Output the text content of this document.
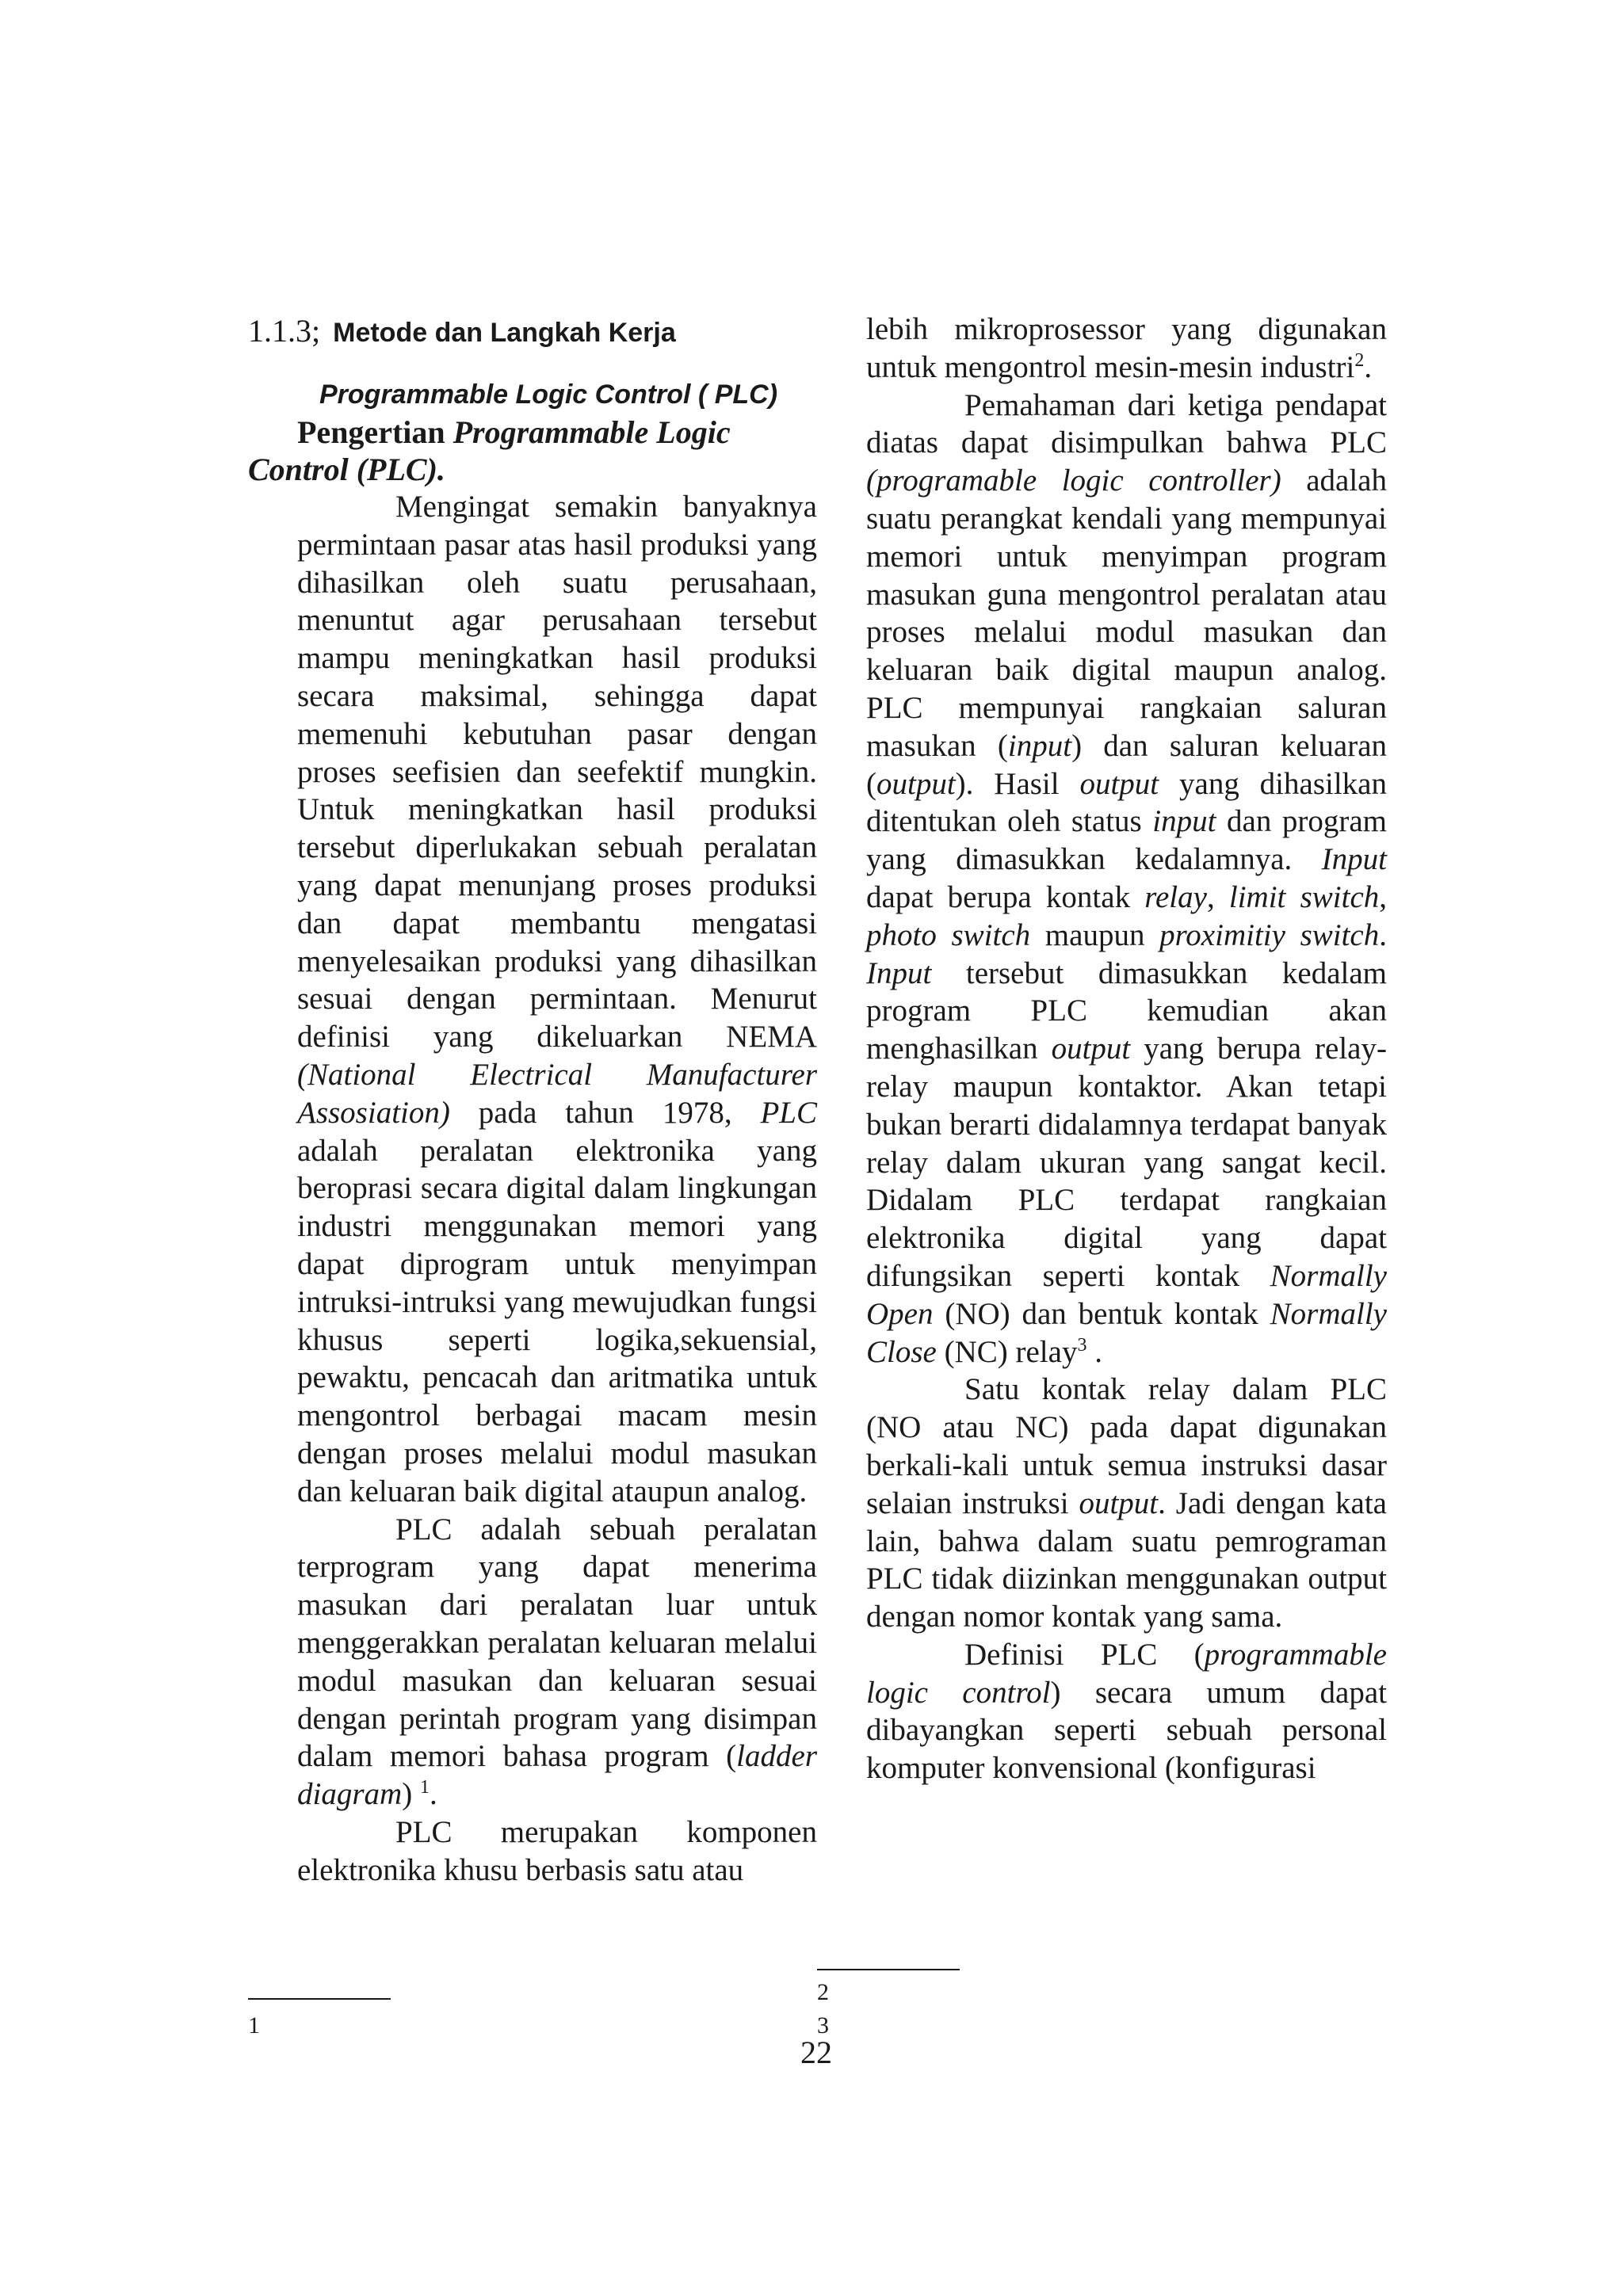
1.1.3; Metode dan Langkah Kerja
Programmable Logic Control ( PLC)
Pengertian Programmable Logic
Control (PLC).

Mengingat semakin banyaknya permintaan pasar atas hasil produksi yang dihasilkan oleh suatu perusahaan, menuntut agar perusahaan tersebut mampu meningkatkan hasil produksi secara maksimal, sehingga dapat memenuhi kebutuhan pasar dengan proses seefisien dan seefektif mungkin. Untuk meningkatkan hasil produksi tersebut diperlukakan sebuah peralatan yang dapat menunjang proses produksi dan dapat membantu mengatasi menyelesaikan produksi yang dihasilkan sesuai dengan permintaan. Menurut definisi yang dikeluarkan NEMA (National Electrical Manufacturer Assosiation) pada tahun 1978, PLC adalah peralatan elektronika yang beroprasi secara digital dalam lingkungan industri menggunakan memori yang dapat diprogram untuk menyimpan intruksi-intruksi yang mewujudkan fungsi khusus seperti logika,sekuensial, pewaktu, pencacah dan aritmatika untuk mengontrol berbagai macam mesin dengan proses melalui modul masukan dan keluaran baik digital ataupun analog.

PLC adalah sebuah peralatan terprogram yang dapat menerima masukan dari peralatan luar untuk menggerakkan peralatan keluaran melalui modul masukan dan keluaran sesuai dengan perintah program yang disimpan dalam memori bahasa program (ladder diagram) $^1$.

PLC merupakan komponen elektronika khusu berbasis satu atau

lebih mikroprosessor yang digunakan untuk mengontrol mesin-mesin industri$^2$.

Pemahaman dari ketiga pendapat diatas dapat disimpulkan bahwa PLC (programable logic controller) adalah suatu perangkat kendali yang mempunyai memori untuk menyimpan program masukan guna mengontrol peralatan atau proses melalui modul masukan dan keluaran baik digital maupun analog. PLC mempunyai rangkaian saluran masukan (input) dan saluran keluaran (output). Hasil output yang dihasilkan ditentukan oleh status input dan program yang dimasukkan kedalamnya. Input dapat berupa kontak relay, limit switch, photo switch maupun proximitiy switch. Input tersebut dimasukkan kedalam program PLC kemudian akan menghasilkan output yang berupa relay-relay maupun kontaktor. Akan tetapi bukan berarti didalamnya terdapat banyak relay dalam ukuran yang sangat kecil. Didalam PLC terdapat rangkaian elektronika digital yang dapat difungsikan seperti kontak Normally Open (NO) dan bentuk kontak Normally Close (NC) relay$^3$ .

Satu kontak relay dalam PLC (NO atau NC) pada dapat digunakan berkali-kali untuk semua instruksi dasar selaian instruksi output. Jadi dengan kata lain, bahwa dalam suatu pemrograman PLC tidak diizinkan menggunakan output dengan nomor kontak yang sama.

Definisi PLC (programmable logic control) secara umum dapat dibayangkan seperti sebuah personal komputer konvensional (konfigurasi

1
2
3
22
